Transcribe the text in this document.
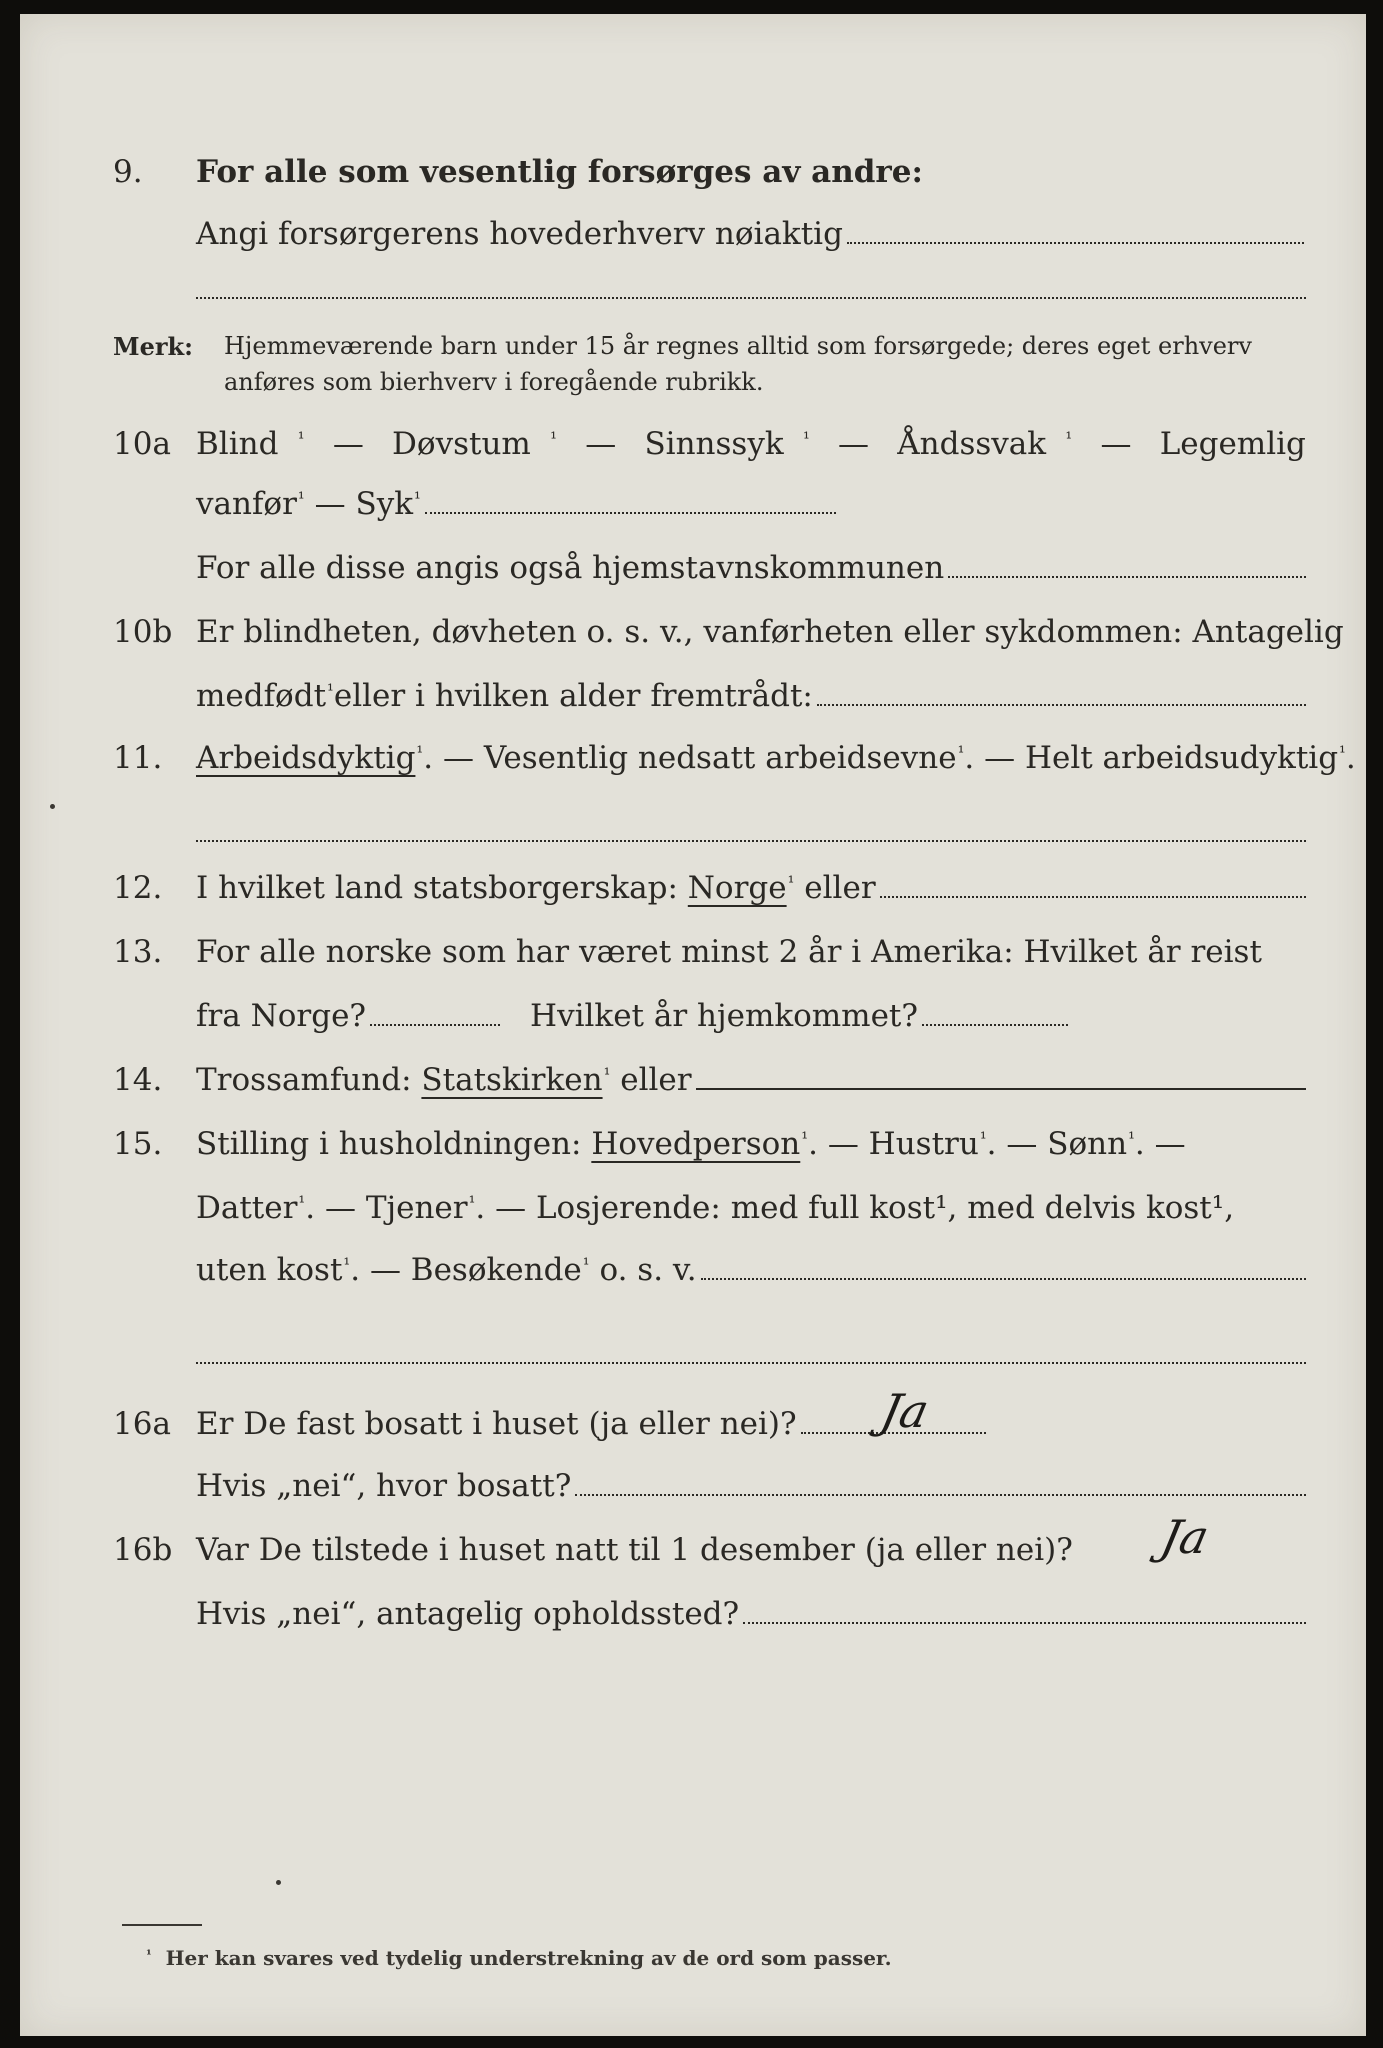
9. For alle som vesentlig forsørges av andre:
Angi forsørgerens hovederhverv nøiaktig
Merk: Hjemmeværende barn under 15 år regnes alltid som forsørgede; deres eget erhverv
anføres som bierhverv i foregående rubrikk.
10a Blind ¹ — Døvstum ¹ — Sinnssyk ¹ — Åndssvak ¹ — Legemlig
vanfør ¹ — Syk ¹
For alle disse angis også hjemstavnskommunen
10b Er blindheten, døvheten o. s. v., vanførheten eller sykdommen: Antagelig
medfødt ¹ eller i hvilken alder fremtrådt:
11. Arbeidsdyktig ¹ . — Vesentlig nedsatt arbeidsevne ¹ . — Helt arbeidsudyktig ¹ .
12. I hvilket land statsborgerskap:
Norge ¹
eller
13. For alle norske som har været minst 2 år i Amerika: Hvilket år reist
fra Norge?	Hvilket år hjemkommet?
14. Trossamfund:
Statskirken ¹
eller
15. Stilling i husholdningen:
Hovedperson ¹ . — Hustru ¹ . — Sønn ¹ . —
Datter ¹ . — Tjener ¹ . — Losjerende: med full kost¹, med delvis kost¹,
uten kost ¹ . — Besøkende ¹
o. s. v.
16a Er De fast bosatt i huset (ja eller nei)? Ja
Hvis „nei“, hvor bosatt?
16b Var De tilstede i huset natt til 1 desember (ja eller nei)? Ja
Hvis „nei“, antagelig opholdssted?
$^{^1}$ Her kan svares ved tydelig understrekning av de ord som passer.
